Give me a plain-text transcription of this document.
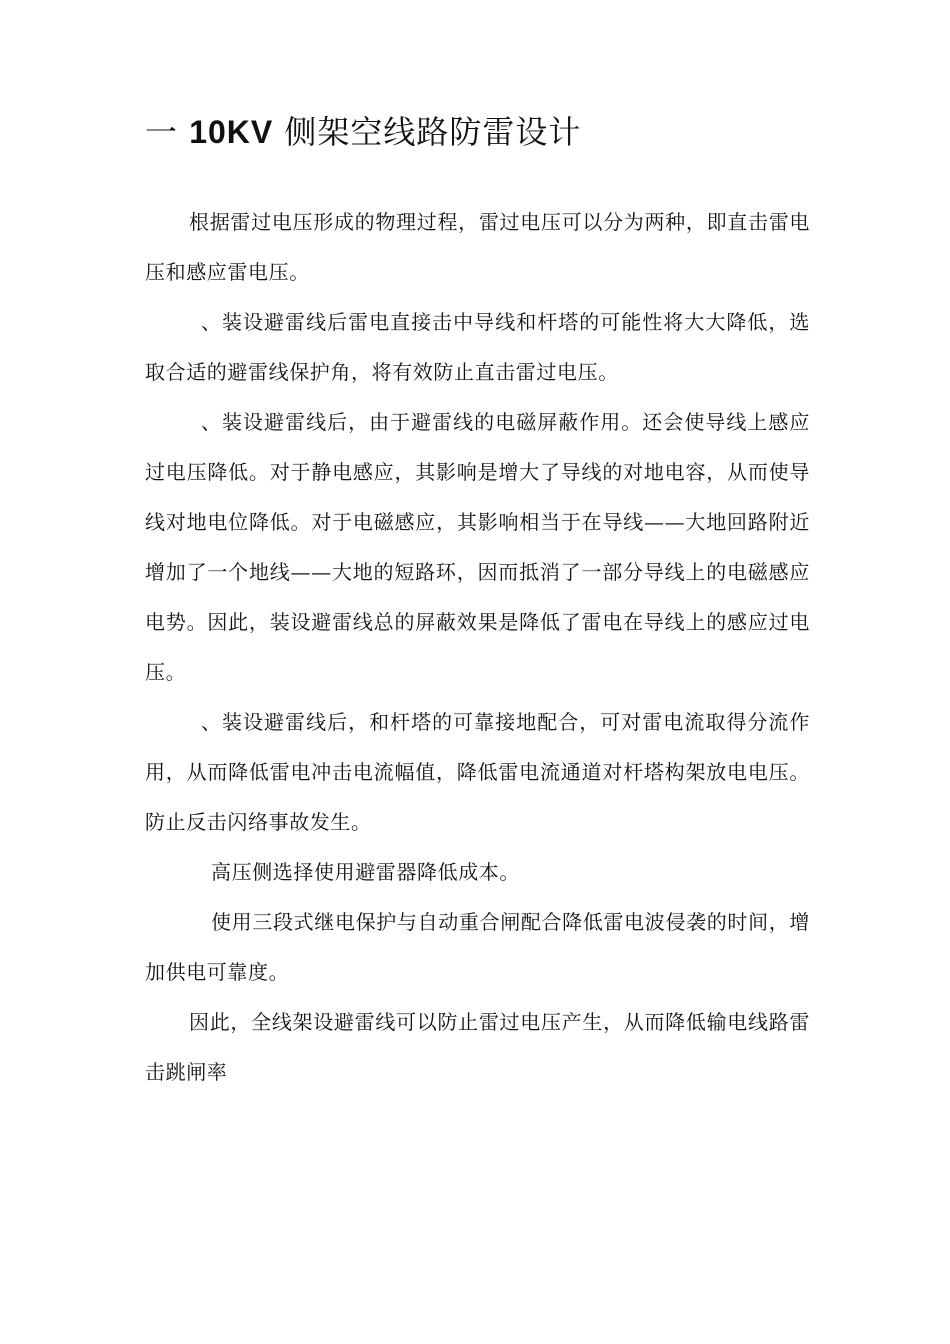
一 10KV 侧架空线路防雷设计

根据雷过电压形成的物理过程，雷过电压可以分为两种，即直击雷电压和感应雷电压。

、装设避雷线后雷电直接击中导线和杆塔的可能性将大大降低，选取合适的避雷线保护角，将有效防止直击雷过电压。

、装设避雷线后，由于避雷线的电磁屏蔽作用。还会使导线上感应过电压降低。对于静电感应，其影响是增大了导线的对地电容，从而使导线对地电位降低。对于电磁感应，其影响相当于在导线——大地回路附近增加了一个地线——大地的短路环，因而抵消了一部分导线上的电磁感应电势。因此，装设避雷线总的屏蔽效果是降低了雷电在导线上的感应过电压。

、装设避雷线后，和杆塔的可靠接地配合，可对雷电流取得分流作用，从而降低雷电冲击电流幅值，降低雷电流通道对杆塔构架放电电压。防止反击闪络事故发生。

高压侧选择使用避雷器降低成本。

使用三段式继电保护与自动重合闸配合降低雷电波侵袭的时间，增加供电可靠度。

因此，全线架设避雷线可以防止雷过电压产生，从而降低输电线路雷击跳闸率
